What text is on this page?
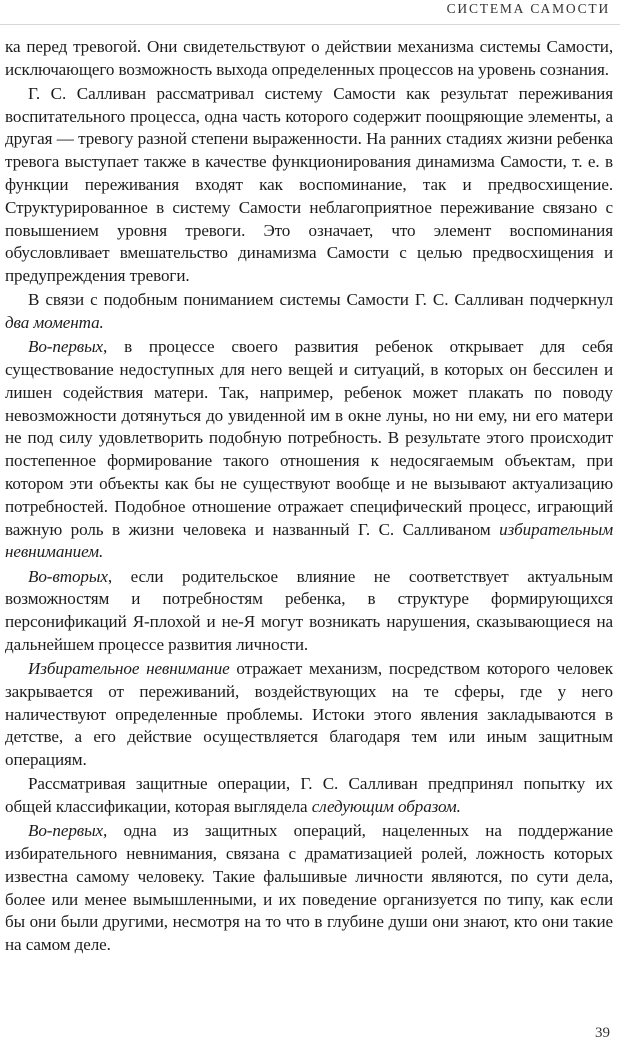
СИСТЕМА САМОСТИ

ка перед тревогой. Они свидетельствуют о действии механизма системы Самости, исключающего возможность выхода определенных процессов на уровень сознания.

Г. С. Салливан рассматривал систему Самости как результат переживания воспитательного процесса, одна часть которого содержит поощряющие элементы, а другая — тревогу разной степени выраженности. На ранних стадиях жизни ребенка тревога выступает также в качестве функционирования динамизма Самости, т. е. в функции переживания входят как воспоминание, так и предвосхищение. Структурированное в систему Самости неблагоприятное переживание связано с повышением уровня тревоги. Это означает, что элемент воспоминания обусловливает вмешательство динамизма Самости с целью предвосхищения и предупреждения тревоги.

В связи с подобным пониманием системы Самости Г. С. Салливан подчеркнул два момента.

Во-первых, в процессе своего развития ребенок открывает для себя существование недоступных для него вещей и ситуаций, в которых он бессилен и лишен содействия матери. Так, например, ребенок может плакать по поводу невозможности дотянуться до увиденной им в окне луны, но ни ему, ни его матери не под силу удовлетворить подобную потребность. В результате этого происходит постепенное формирование такого отношения к недосягаемым объектам, при котором эти объекты как бы не существуют вообще и не вызывают актуализацию потребностей. Подобное отношение отражает специфический процесс, играющий важную роль в жизни человека и названный Г. С. Салливаном избирательным невниманием.

Во-вторых, если родительское влияние не соответствует актуальным возможностям и потребностям ребенка, в структуре формирующихся персонификаций Я-плохой и не-Я могут возникать нарушения, сказывающиеся на дальнейшем процессе развития личности.

Избирательное невнимание отражает механизм, посредством которого человек закрывается от переживаний, воздействующих на те сферы, где у него наличествуют определенные проблемы. Истоки этого явления закладываются в детстве, а его действие осуществляется благодаря тем или иным защитным операциям.

Рассматривая защитные операции, Г. С. Салливан предпринял попытку их общей классификации, которая выглядела следующим образом.

Во-первых, одна из защитных операций, нацеленных на поддержание избирательного невнимания, связана с драматизацией ролей, ложность которых известна самому человеку. Такие фальшивые личности являются, по сути дела, более или менее вымышленными, и их поведение организуется по типу, как если бы они были другими, несмотря на то что в глубине души они знают, кто они такие на самом деле.

39
